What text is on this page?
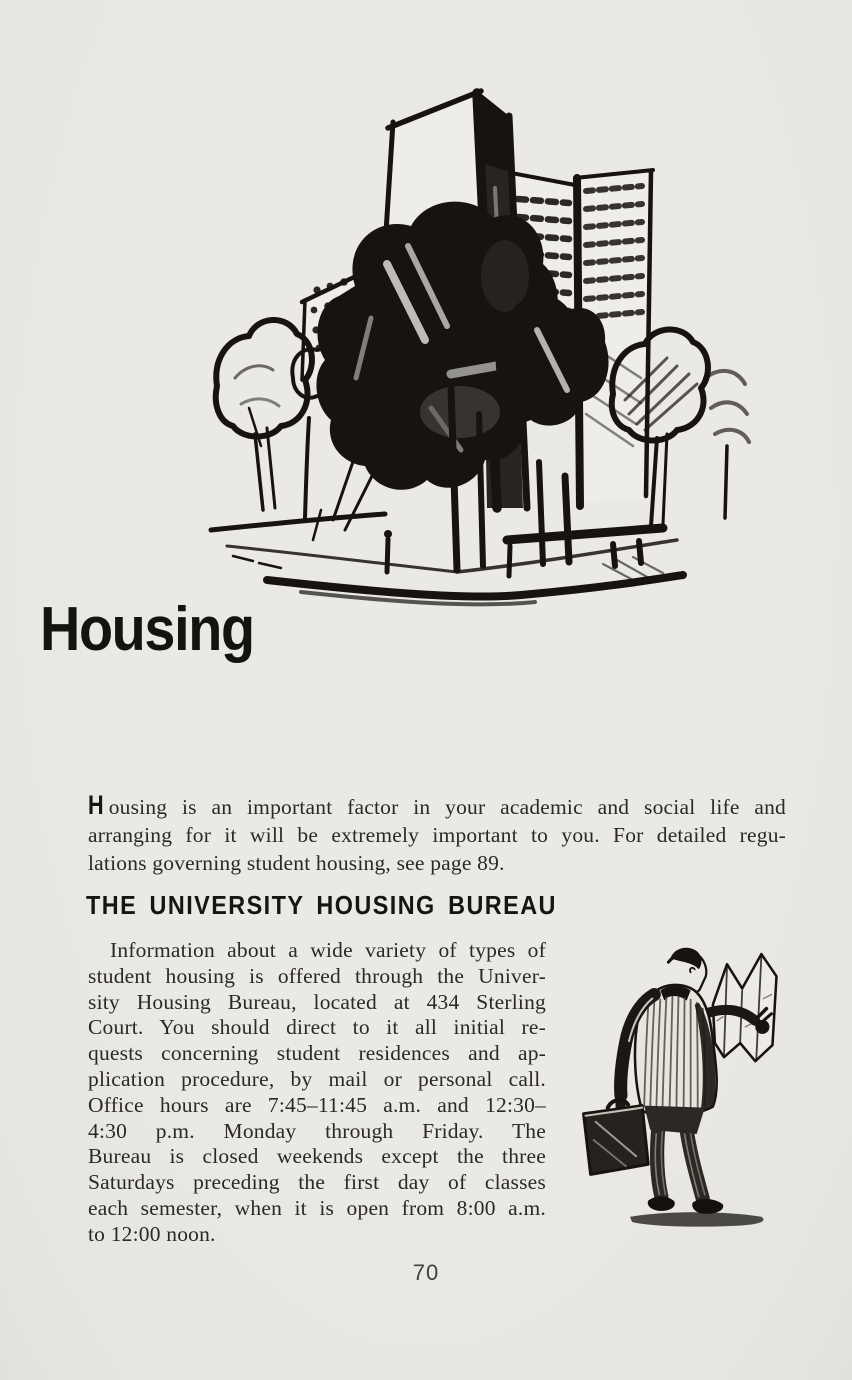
Housing
H ousing is an important factor in your academic and social life and
arranging for it will be extremely important to you. For detailed regu-
lations governing student housing, see page 89.
THE UNIVERSITY HOUSING BUREAU
Information about a wide variety of types of
student housing is offered through the Univer-
sity Housing Bureau, located at 434 Sterling
Court. You should direct to it all initial re-
quests concerning student residences and ap-
plication procedure, by mail or personal call.
Office hours are 7:45–11:45 a.m. and 12:30–
4:30 p.m. Monday through Friday. The
Bureau is closed weekends except the three
Saturdays preceding the first day of classes
each semester, when it is open from 8:00 a.m.
to 12:00 noon.
70
